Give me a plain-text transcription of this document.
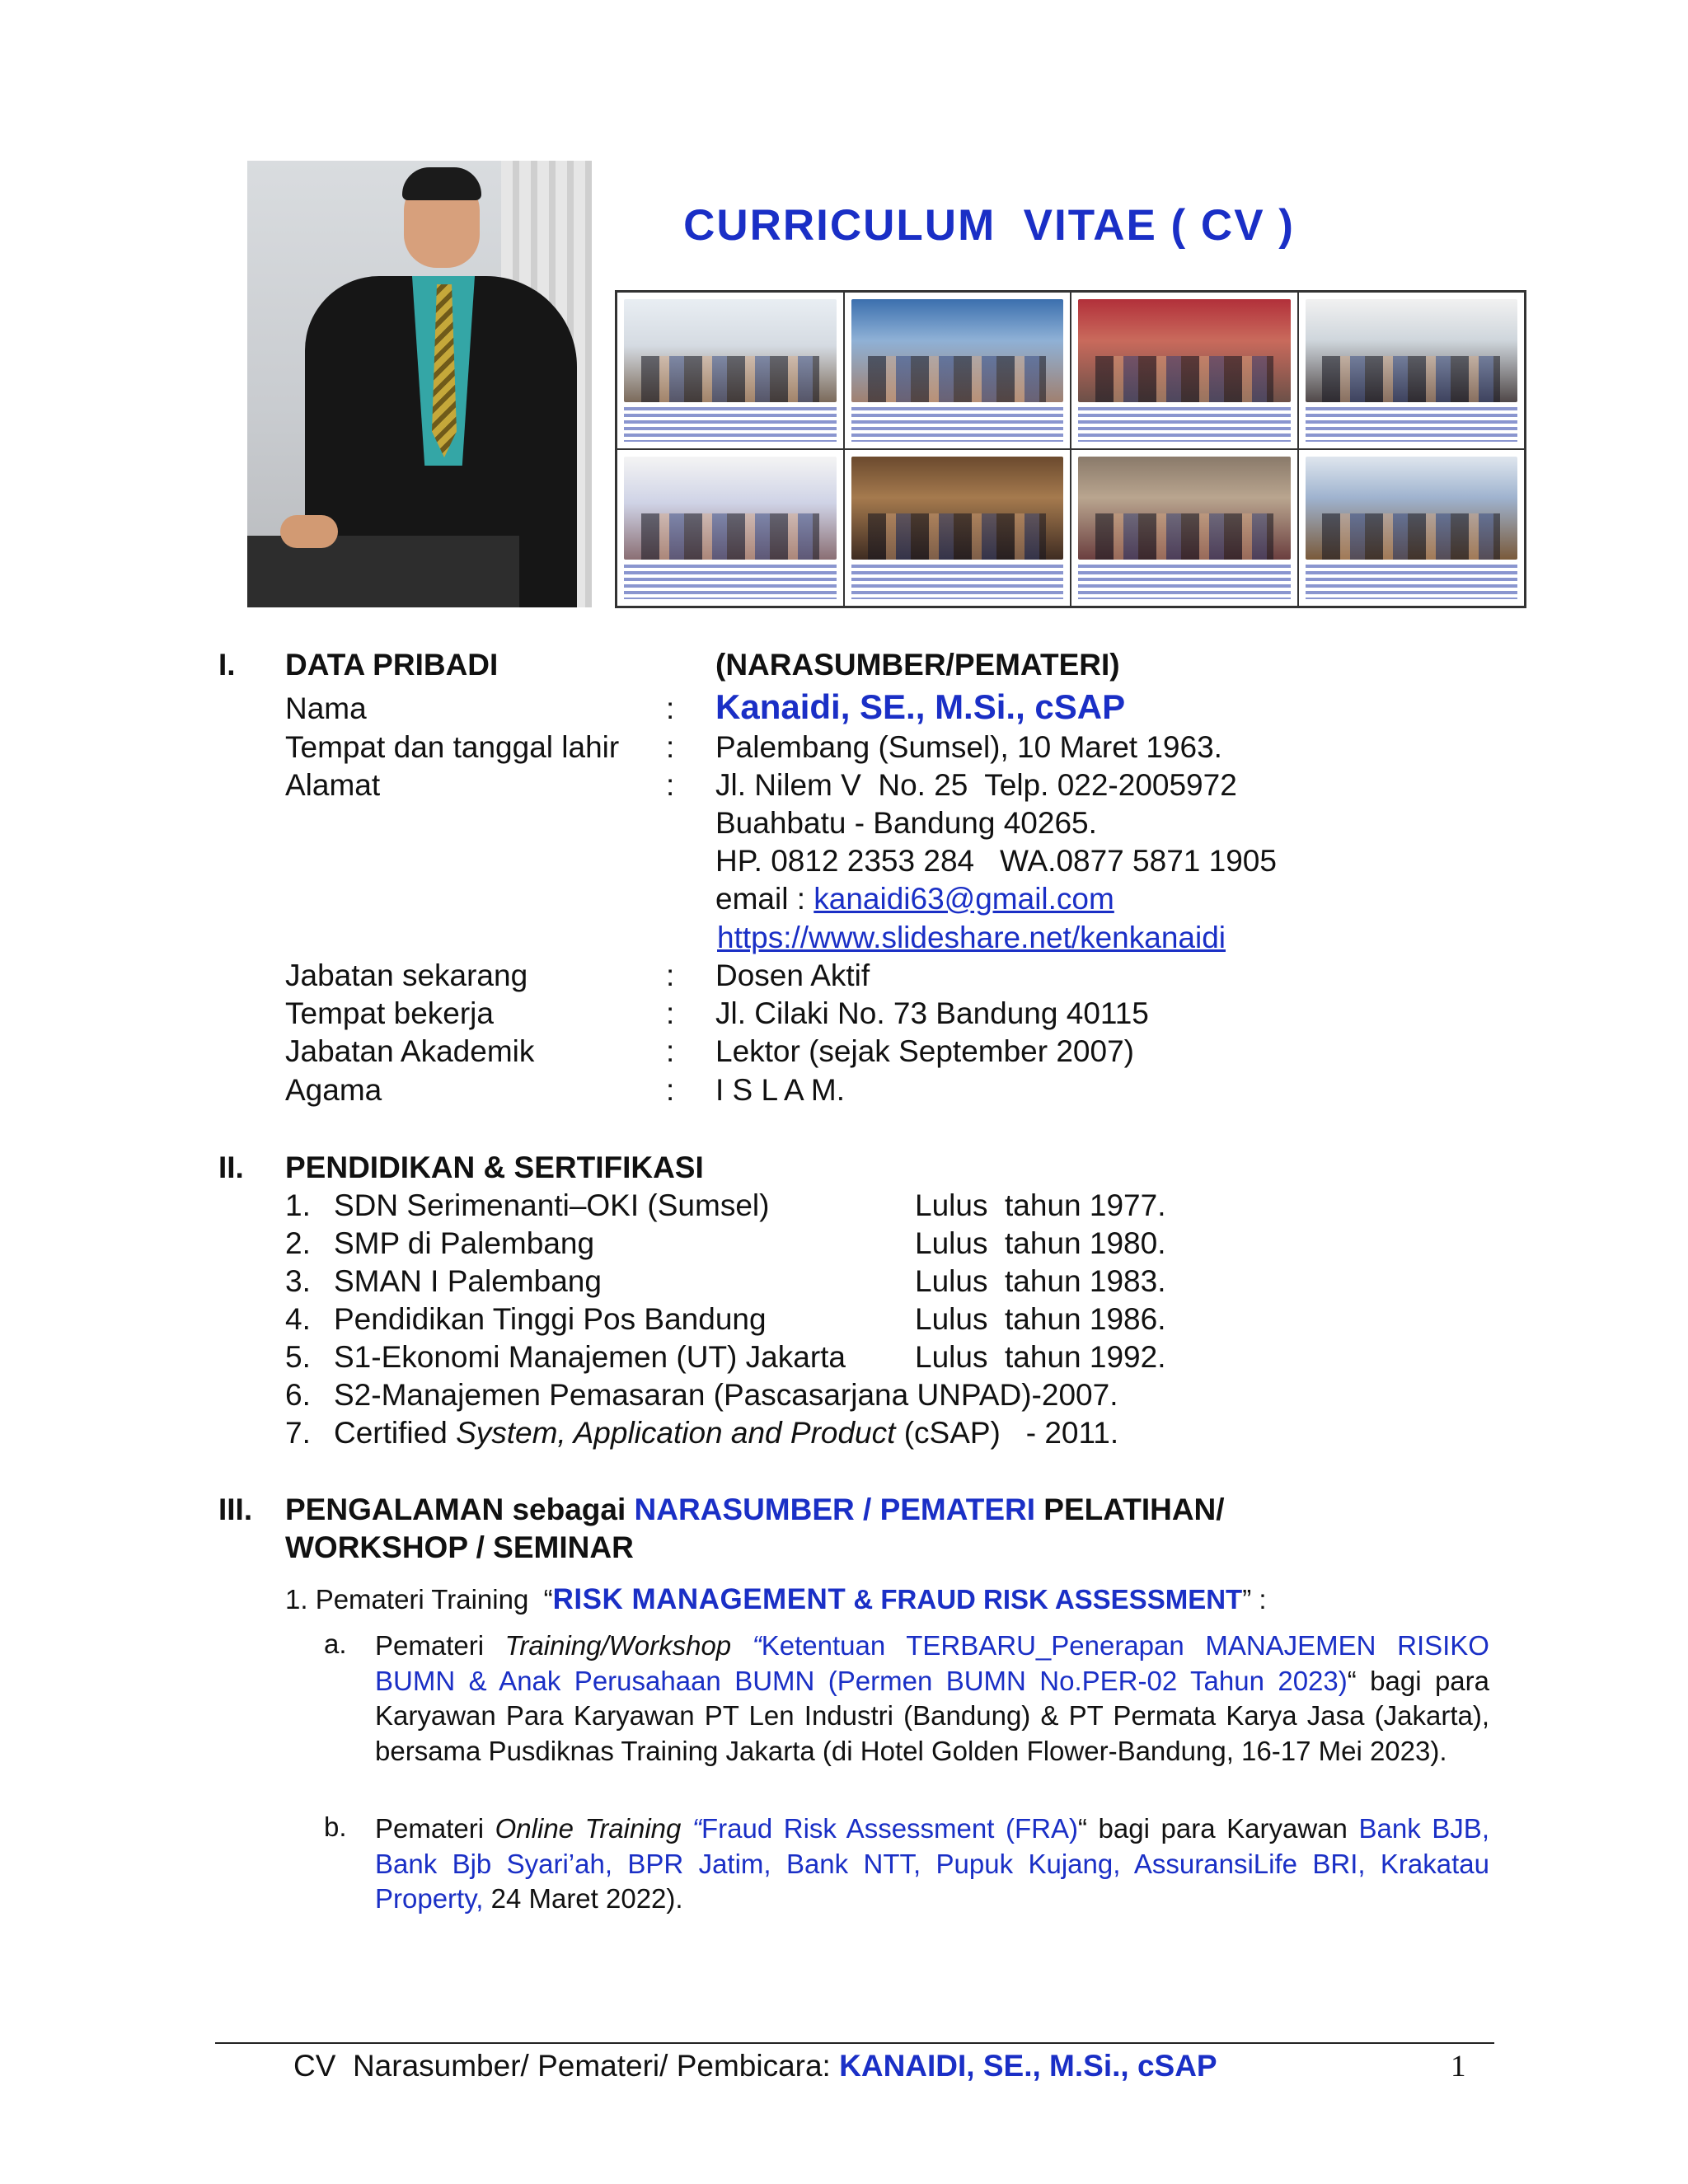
CURRICULUM  VITAE ( CV )
I. DATA PRIBADI	(NARASUMBER/PEMATERI)
Nama	: Kanaidi, SE., M.Si., cSAP
Tempat dan tanggal lahir : Palembang (Sumsel), 10 Maret 1963.
Alamat	: Jl. Nilem V  No. 25  Telp. 022-2005972
Buahbatu - Bandung 40265.
HP. 0812 2353 284   WA.0877 5871 1905
email : kanaidi63@gmail.com
https://www.slideshare.net/kenkanaidi
Jabatan sekarang	: Dosen Aktif
Tempat bekerja	: Jl. Cilaki No. 73 Bandung 40115
Jabatan Akademik	: Lektor (sejak September 2007)
Agama	: I S L A M.
II. PENDIDIKAN & SERTIFIKASI
1. SDN Serimenanti–OKI (Sumsel)	Lulus  tahun 1977.
2. SMP di Palembang	Lulus  tahun 1980.
3. SMAN I Palembang	Lulus  tahun 1983.
4. Pendidikan Tinggi Pos Bandung	Lulus  tahun 1986.
5. S1-Ekonomi Manajemen (UT) Jakarta Lulus  tahun 1992.
6. S2-Manajemen Pemasaran (Pascasarjana UNPAD)-2007.
7. Certified System, Application and Product (cSAP)   - 2011.
III. PENGALAMAN sebagai NARASUMBER / PEMATERI PELATIHAN/
WORKSHOP / SEMINAR
1. Pemateri Training  “RISK MANAGEMENT & FRAUD RISK ASSESSMENT” :
a. Pemateri Training/Workshop “Ketentuan TERBARU_Penerapan MANAJEMEN RISIKO BUMN & Anak Perusahaan BUMN (Permen BUMN No.PER-02 Tahun 2023)“ bagi para Karyawan Para Karyawan PT Len Industri (Bandung) & PT Permata Karya Jasa (Jakarta), bersama Pusdiknas Training Jakarta (di Hotel Golden Flower-Bandung, 16-17 Mei 2023).
b. Pemateri Online Training “Fraud Risk Assessment (FRA)“ bagi para Karyawan Bank BJB, Bank Bjb Syari’ah, BPR Jatim, Bank NTT, Pupuk Kujang, AssuransiLife BRI, Krakatau Property, 24 Maret 2022).
CV  Narasumber/ Pemateri/ Pembicara: KANAIDI, SE., M.Si., cSAP	1
